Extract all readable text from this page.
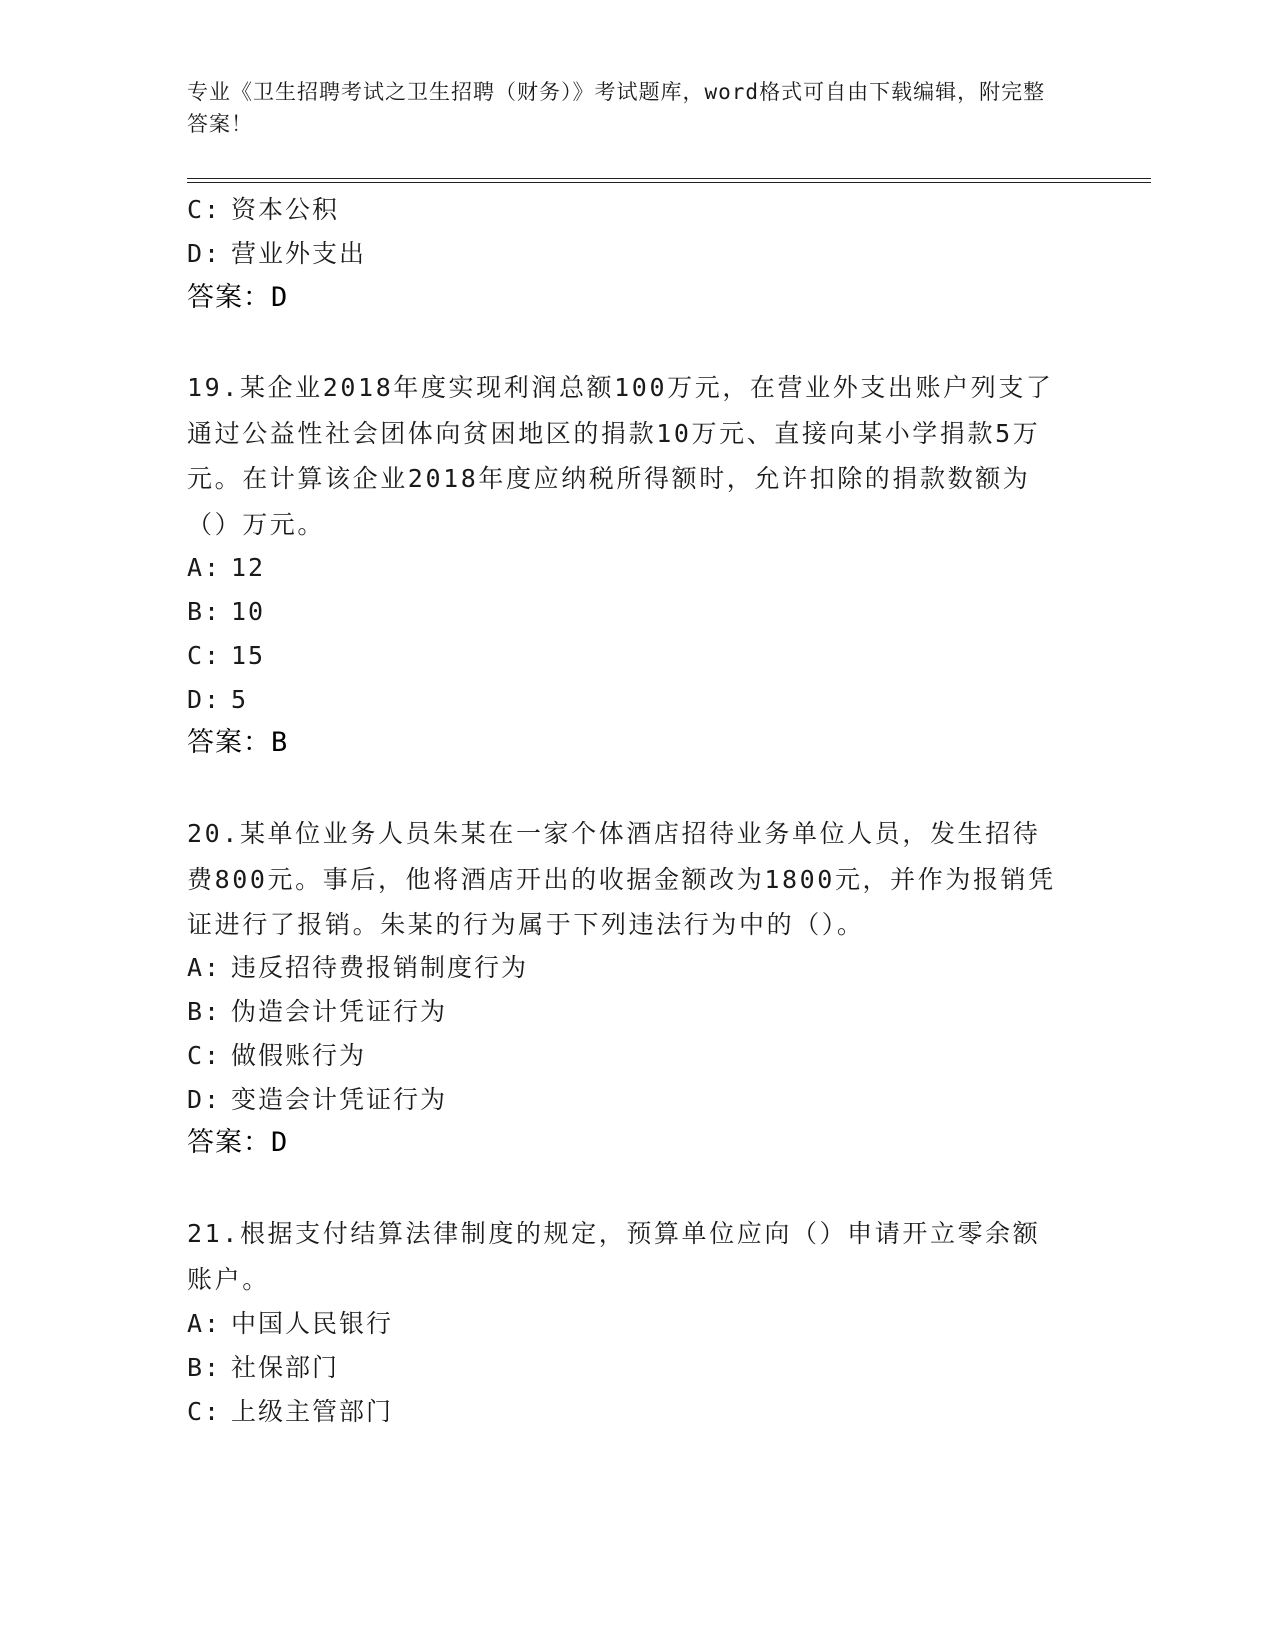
专业《卫生招聘考试之卫生招聘（财务）》考试题库，word格式可自由下载编辑，附完整答案！
C: 资本公积
D: 营业外支出
答案：D
19.某企业2018年度实现利润总额100万元，在营业外支出账户列支了通过公益性社会团体向贫困地区的捐款10万元、直接向某小学捐款5万元。在计算该企业2018年度应纳税所得额时，允许扣除的捐款数额为（）万元。
A: 12
B: 10
C: 15
D: 5
答案：B
20.某单位业务人员朱某在一家个体酒店招待业务单位人员，发生招待费800元。事后，他将酒店开出的收据金额改为1800元，并作为报销凭证进行了报销。朱某的行为属于下列违法行为中的（）。
A: 违反招待费报销制度行为
B: 伪造会计凭证行为
C: 做假账行为
D: 变造会计凭证行为
答案：D
21.根据支付结算法律制度的规定，预算单位应向（）申请开立零余额账户。
A: 中国人民银行
B: 社保部门
C: 上级主管部门
